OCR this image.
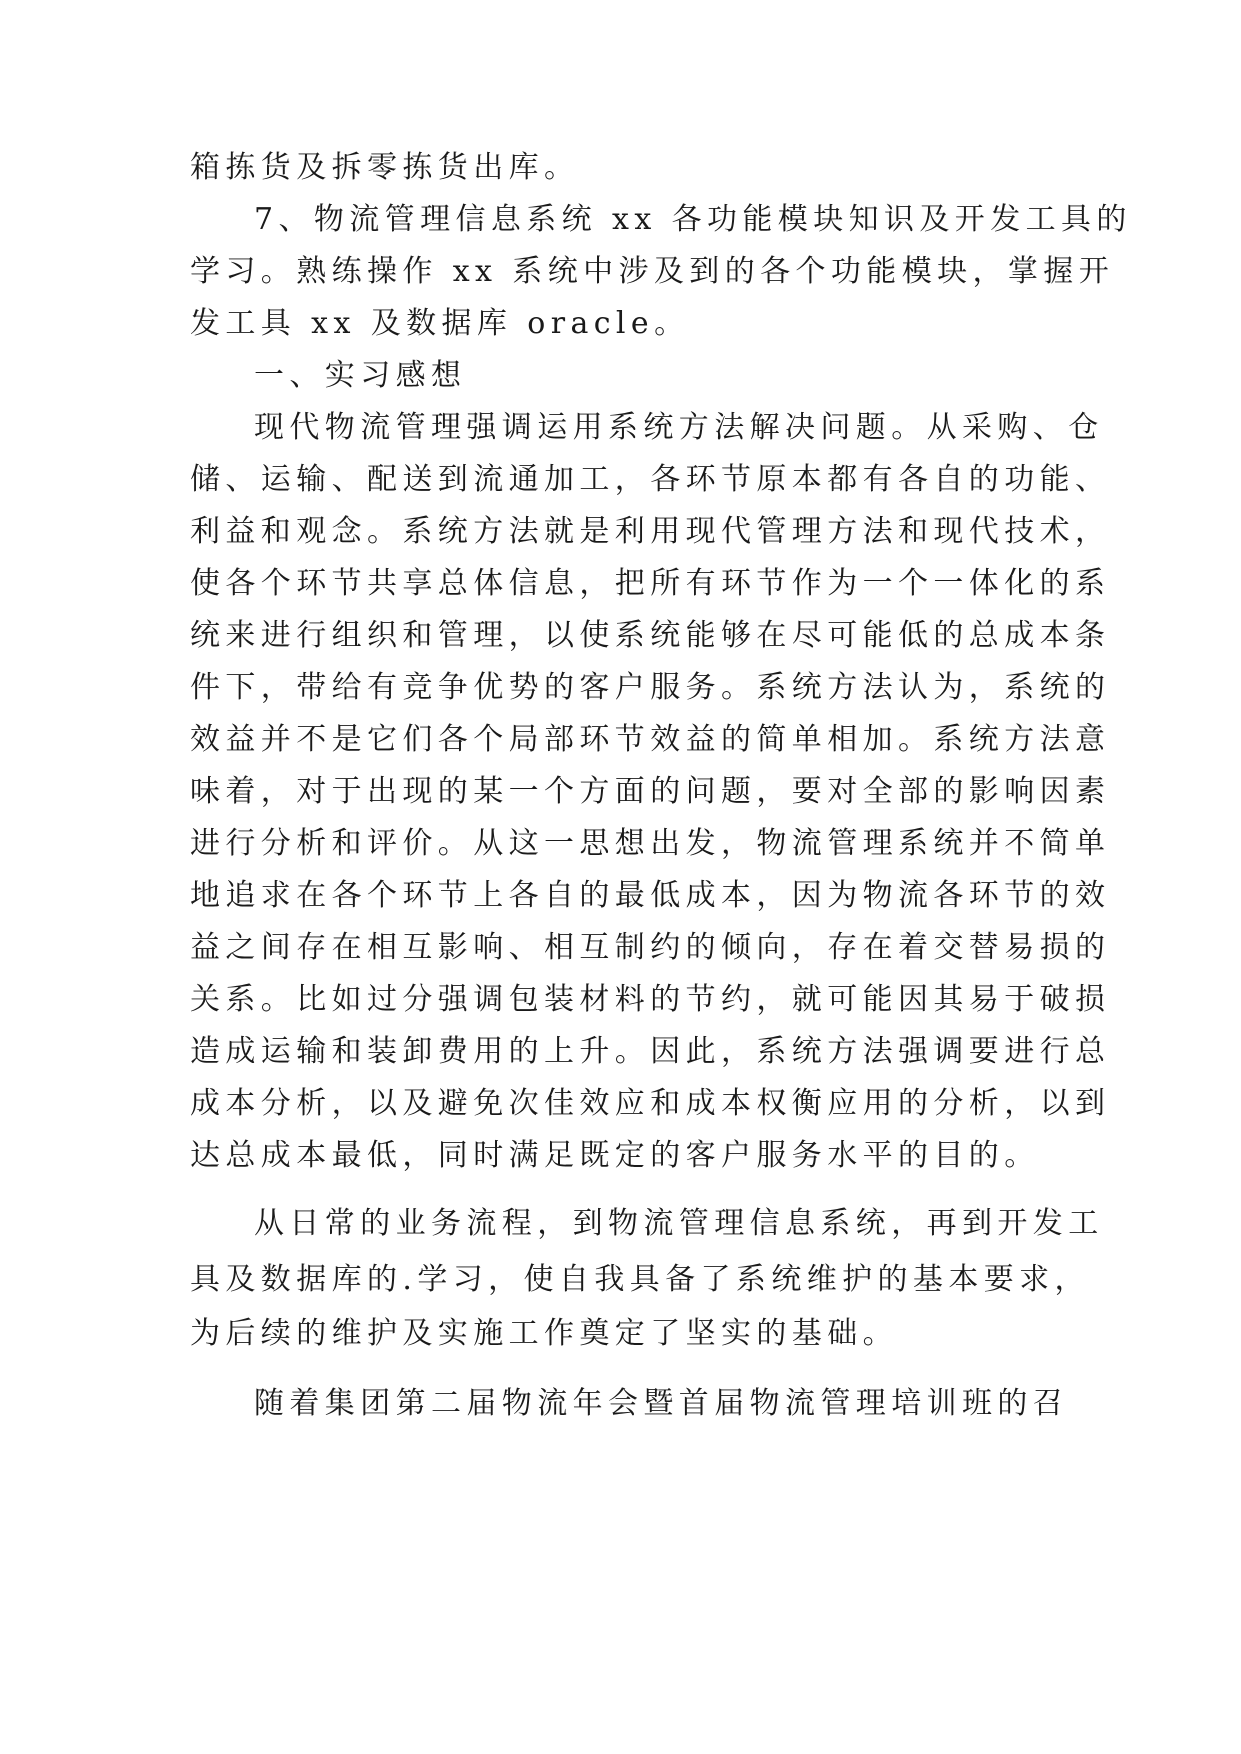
箱拣货及拆零拣货出库。
7、物流管理信息系统 xx 各功能模块知识及开发工具的
学习。熟练操作 xx 系统中涉及到的各个功能模块，掌握开
发工具 xx 及数据库 oracle。
一、实习感想
现代物流管理强调运用系统方法解决问题。从采购、仓
储、运输、配送到流通加工，各环节原本都有各自的功能、
利益和观念。系统方法就是利用现代管理方法和现代技术，
使各个环节共享总体信息，把所有环节作为一个一体化的系
统来进行组织和管理，以使系统能够在尽可能低的总成本条
件下，带给有竞争优势的客户服务。系统方法认为，系统的
效益并不是它们各个局部环节效益的简单相加。系统方法意
味着，对于出现的某一个方面的问题，要对全部的影响因素
进行分析和评价。从这一思想出发，物流管理系统并不简单
地追求在各个环节上各自的最低成本，因为物流各环节的效
益之间存在相互影响、相互制约的倾向，存在着交替易损的
关系。比如过分强调包装材料的节约，就可能因其易于破损
造成运输和装卸费用的上升。因此，系统方法强调要进行总
成本分析，以及避免次佳效应和成本权衡应用的分析，以到
达总成本最低，同时满足既定的客户服务水平的目的。
从日常的业务流程，到物流管理信息系统，再到开发工
具及数据库的.学习，使自我具备了系统维护的基本要求，
为后续的维护及实施工作奠定了坚实的基础。
随着集团第二届物流年会暨首届物流管理培训班的召
